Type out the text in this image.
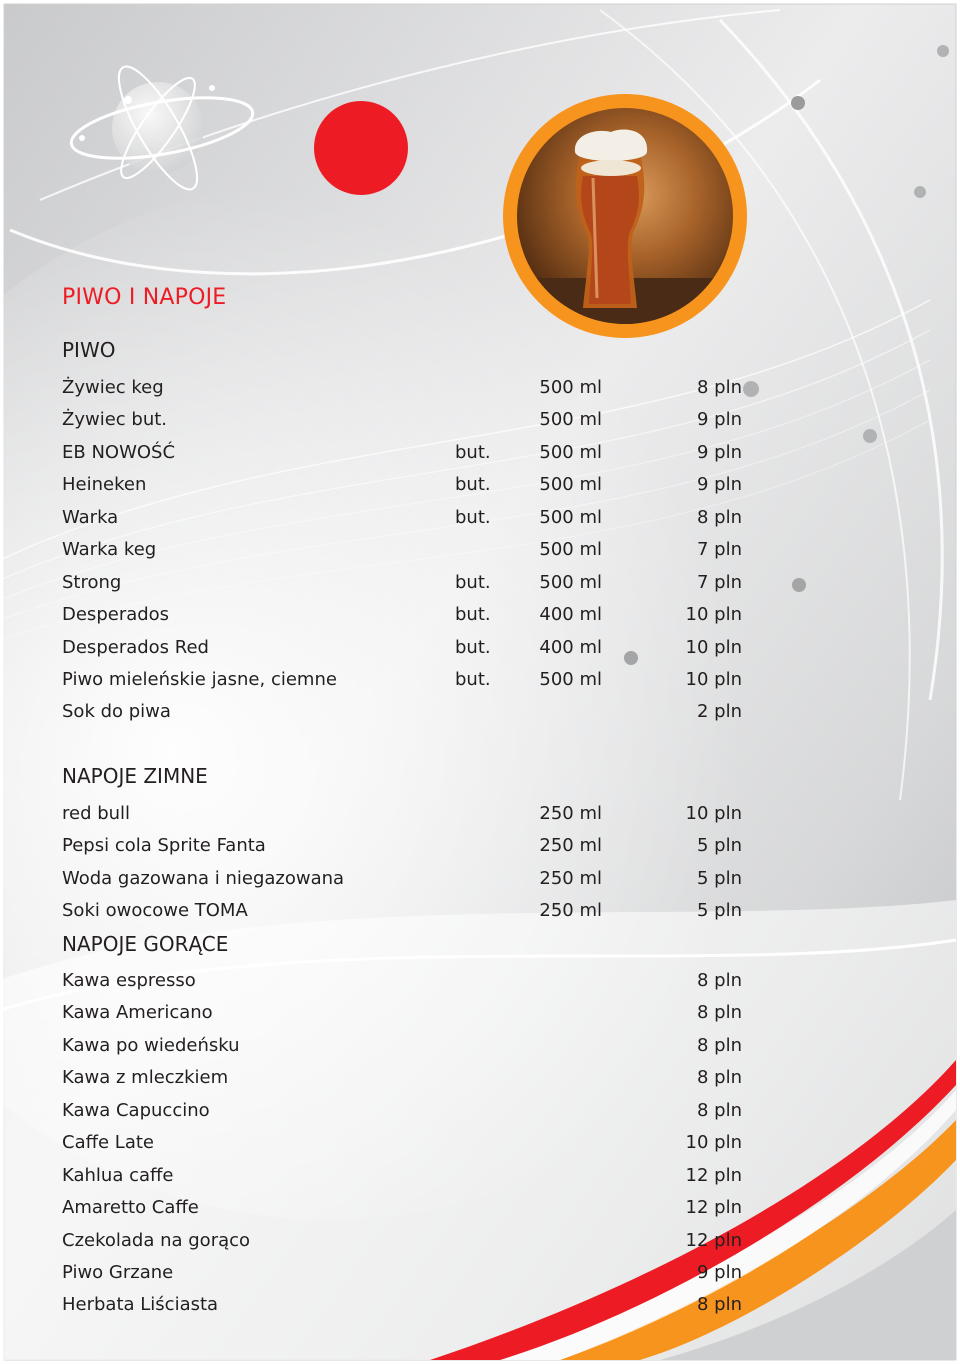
PIWO I NAPOJE
PIWO
Żywiec keg	500 ml	8 pln
Żywiec but.	500 ml	9 pln
EB NOWOŚĆ	but.	500 ml	9 pln
Heineken	but.	500 ml	9 pln
Warka	but.	500 ml	8 pln
Warka keg	500 ml	7 pln
Strong	but.	500 ml	7 pln
Desperados	but.	400 ml	10 pln
Desperados Red	but.	400 ml	10 pln
Piwo mieleńskie jasne, ciemne	but.	500 ml	10 pln
Sok do piwa	2 pln
NAPOJE ZIMNE
red bull	250 ml	10 pln
Pepsi cola Sprite Fanta	250 ml	5 pln
Woda gazowana i niegazowana	250 ml	5 pln
Soki owocowe TOMA	250 ml	5 pln
NAPOJE GORĄCE
Kawa espresso	8 pln
Kawa Americano	8 pln
Kawa po wiedeńsku	8 pln
Kawa z mleczkiem	8 pln
Kawa Capuccino	8 pln
Caffe Late	10 pln
Kahlua caffe	12 pln
Amaretto Caffe	12 pln
Czekolada na gorąco	12 pln
Piwo Grzane	9 pln
Herbata Liściasta	8 pln
